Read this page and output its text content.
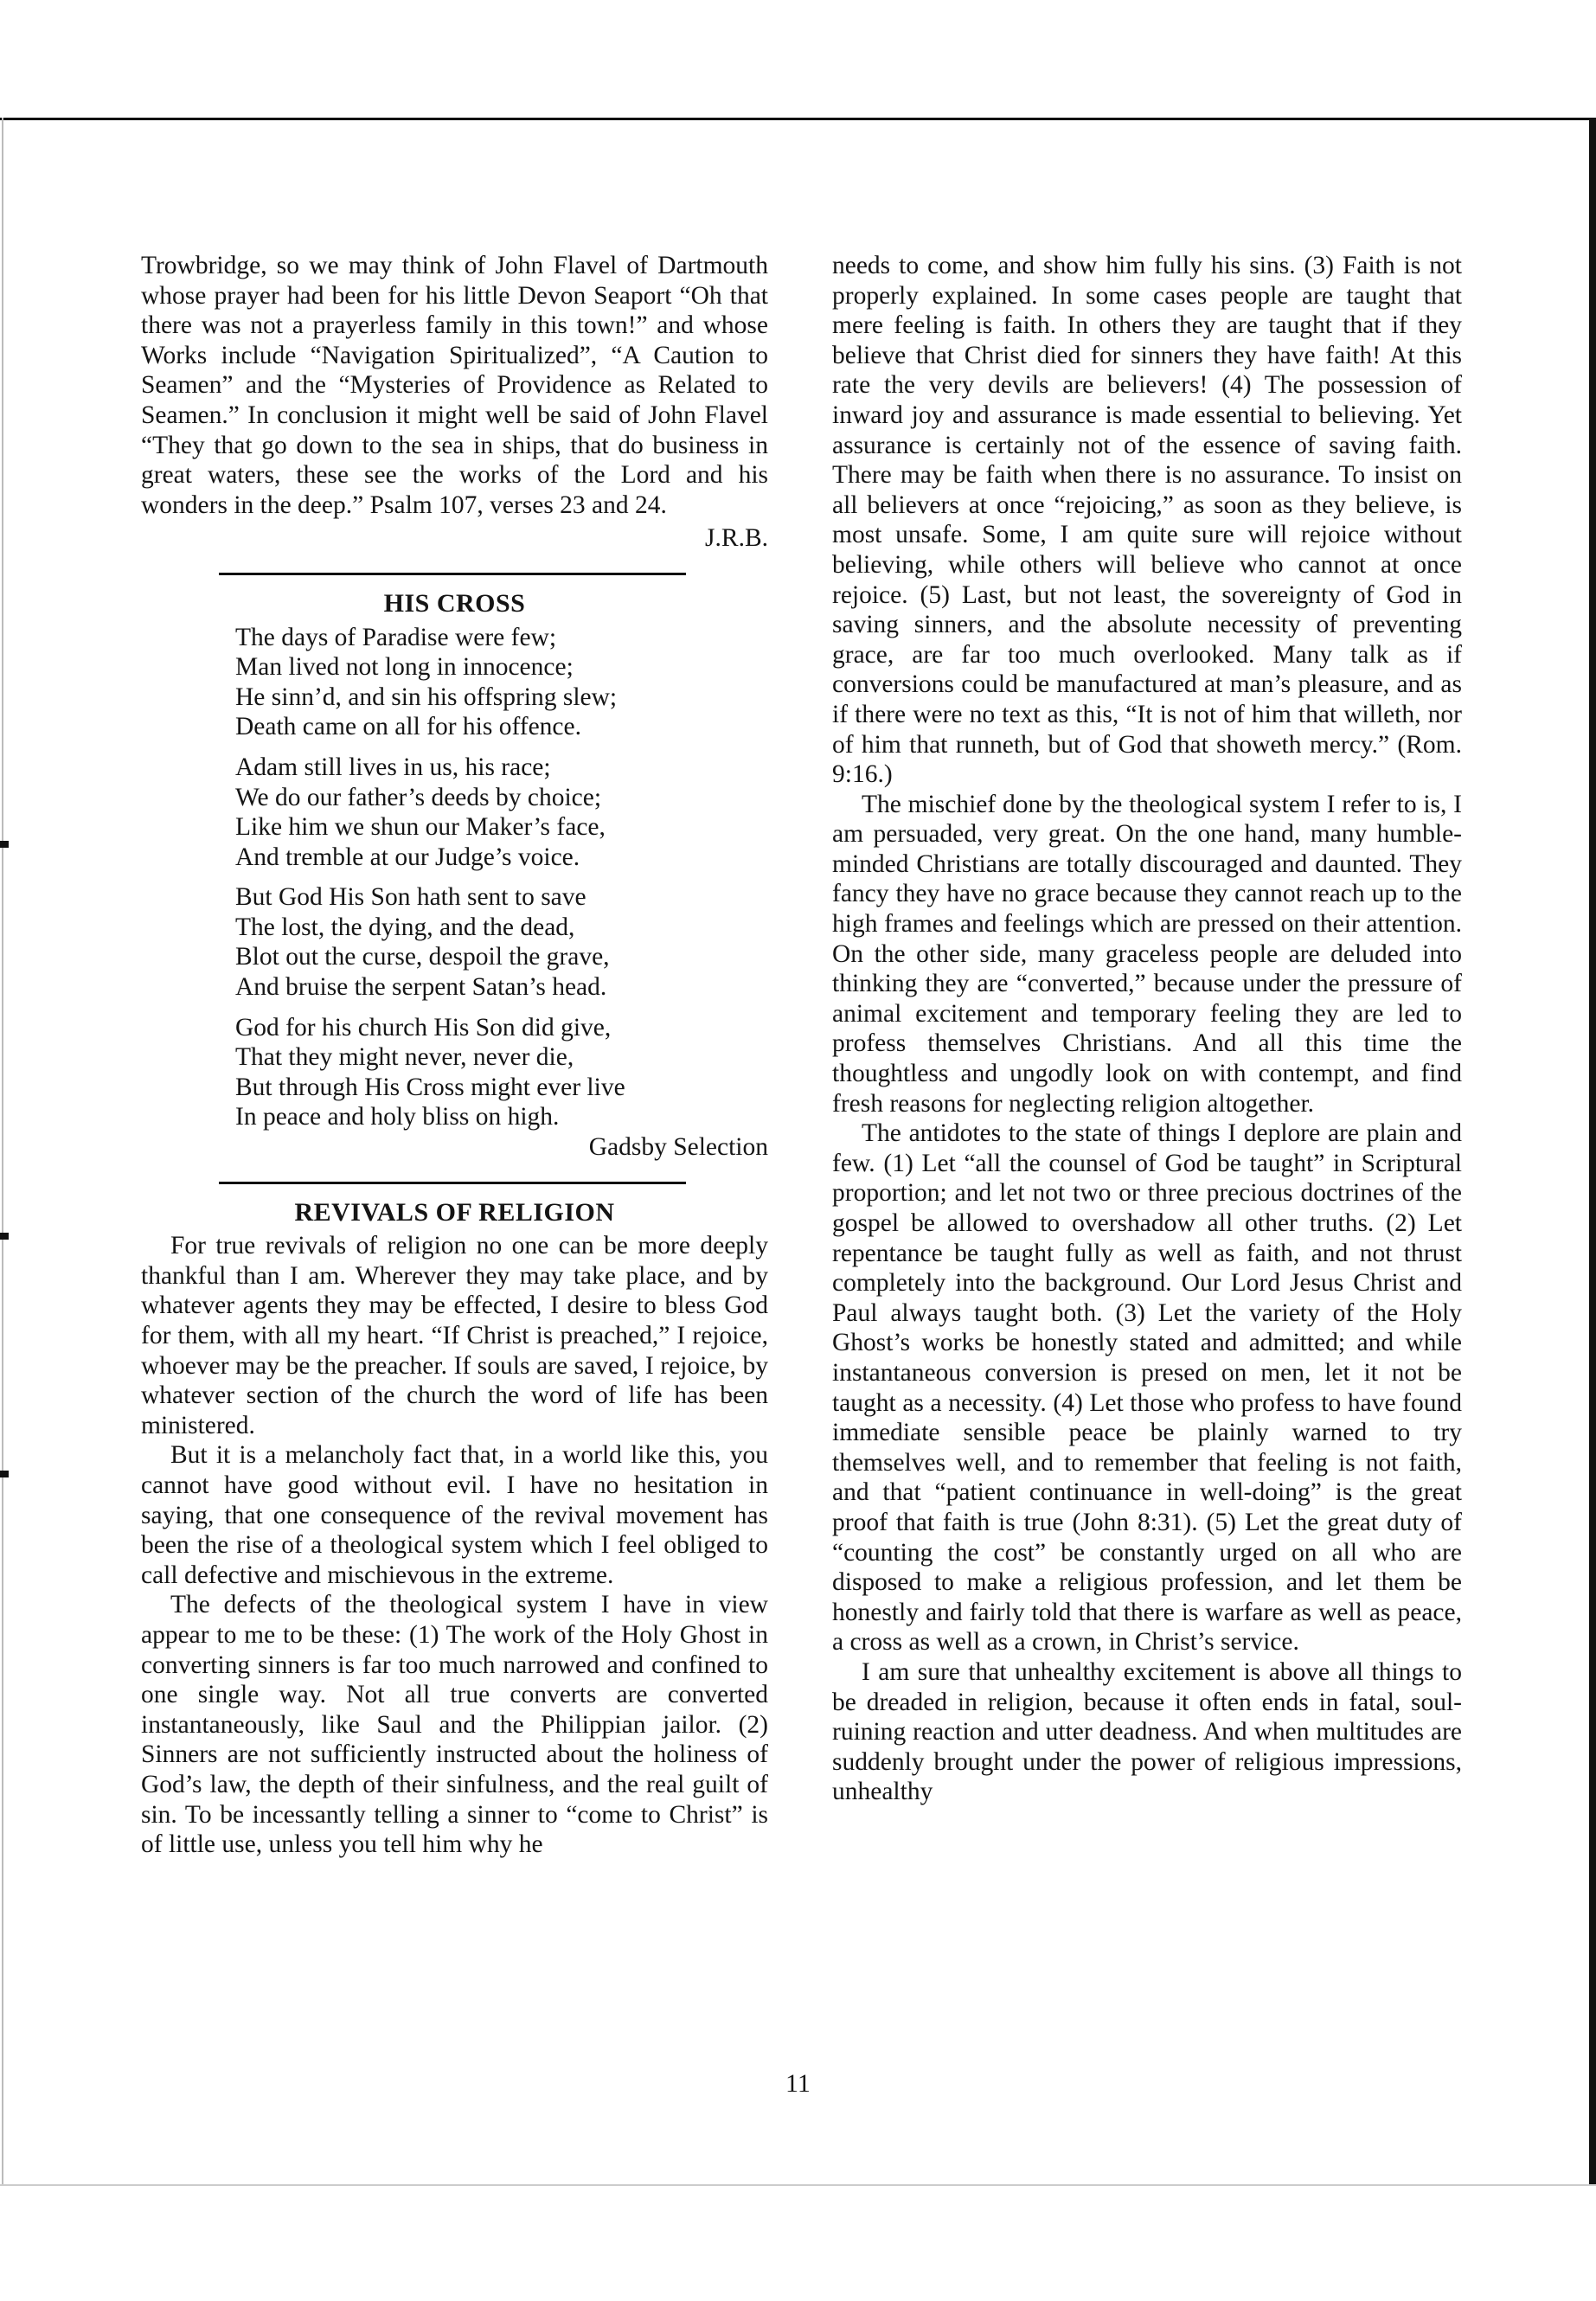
Trowbridge, so we may think of John Flavel of Dartmouth whose prayer had been for his little Devon Seaport “Oh that there was not a prayerless family in this town!” and whose Works include “Navigation Spiritualized”, “A Caution to Seamen” and the “Mysteries of Providence as Related to Seamen.” In conclusion it might well be said of John Flavel “They that go down to the sea in ships, that do business in great waters, these see the works of the Lord and his wonders in the deep.” Psalm 107, verses 23 and 24.

J.R.B.
HIS CROSS
The days of Paradise were few;
Man lived not long in innocence;
He sinn’d, and sin his offspring slew;
Death came on all for his offence.
Adam still lives in us, his race;
We do our father’s deeds by choice;
Like him we shun our Maker’s face,
And tremble at our Judge’s voice.
But God His Son hath sent to save
The lost, the dying, and the dead,
Blot out the curse, despoil the grave,
And bruise the serpent Satan’s head.
God for his church His Son did give,
That they might never, never die,
But through His Cross might ever live
In peace and holy bliss on high.
Gadsby Selection
REVIVALS OF RELIGION

For true revivals of religion no one can be more deeply thankful than I am. Wherever they may take place, and by whatever agents they may be effected, I desire to bless God for them, with all my heart. “If Christ is preached,” I rejoice, whoever may be the preacher. If souls are saved, I rejoice, by whatever section of the church the word of life has been ministered.

But it is a melancholy fact that, in a world like this, you cannot have good without evil. I have no hesitation in saying, that one consequence of the revival movement has been the rise of a theological system which I feel obliged to call defective and mischievous in the extreme.

The defects of the theological system I have in view appear to me to be these: (1) The work of the Holy Ghost in converting sinners is far too much narrowed and confined to one single way. Not all true converts are converted instantaneously, like Saul and the Philippian jailor. (2) Sinners are not sufficiently instructed about the holiness of God’s law, the depth of their sinfulness, and the real guilt of sin. To be incessantly telling a sinner to “come to Christ” is of little use, unless you tell him why he

needs to come, and show him fully his sins. (3) Faith is not properly explained. In some cases people are taught that mere feeling is faith. In others they are taught that if they believe that Christ died for sinners they have faith! At this rate the very devils are believers! (4) The possession of inward joy and assurance is made essential to believing. Yet assurance is certainly not of the essence of saving faith. There may be faith when there is no assurance. To insist on all believers at once “rejoicing,” as soon as they believe, is most unsafe. Some, I am quite sure will rejoice without believing, while others will believe who cannot at once rejoice. (5) Last, but not least, the sovereignty of God in saving sinners, and the absolute necessity of preventing grace, are far too much overlooked. Many talk as if conversions could be manufactured at man’s pleasure, and as if there were no text as this, “It is not of him that willeth, nor of him that runneth, but of God that showeth mercy.” (Rom. 9:16.)

The mischief done by the theological system I refer to is, I am persuaded, very great. On the one hand, many humble-minded Christians are totally discouraged and daunted. They fancy they have no grace because they cannot reach up to the high frames and feelings which are pressed on their attention. On the other side, many graceless people are deluded into thinking they are “converted,” because under the pressure of animal excitement and temporary feeling they are led to profess themselves Christians. And all this time the thoughtless and ungodly look on with contempt, and find fresh reasons for neglecting religion altogether.

The antidotes to the state of things I deplore are plain and few. (1) Let “all the counsel of God be taught” in Scriptural proportion; and let not two or three precious doctrines of the gospel be allowed to overshadow all other truths. (2) Let repentance be taught fully as well as faith, and not thrust completely into the background. Our Lord Jesus Christ and Paul always taught both. (3) Let the variety of the Holy Ghost’s works be honestly stated and admitted; and while instantaneous conversion is presed on men, let it not be taught as a necessity. (4) Let those who profess to have found immediate sensible peace be plainly warned to try themselves well, and to remember that feeling is not faith, and that “patient continuance in well-doing” is the great proof that faith is true (John 8:31). (5) Let the great duty of “counting the cost” be constantly urged on all who are disposed to make a religious profession, and let them be honestly and fairly told that there is warfare as well as peace, a cross as well as a crown, in Christ’s service.

I am sure that unhealthy excitement is above all things to be dreaded in religion, because it often ends in fatal, soul-ruining reaction and utter deadness. And when multitudes are suddenly brought under the power of religious impressions, unhealthy

11
